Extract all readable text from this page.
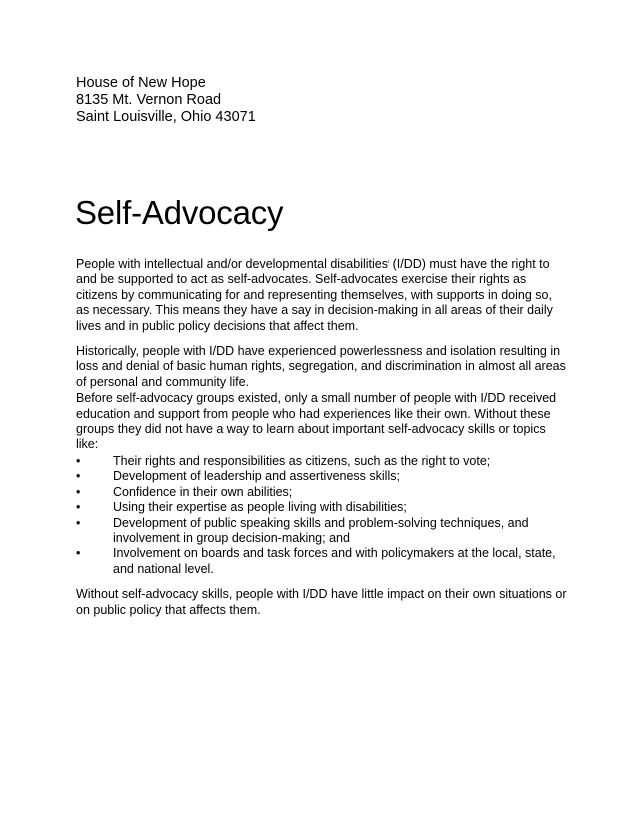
House of New Hope
8135 Mt. Vernon Road
Saint Louisville, Ohio 43071
Self-Advocacy

People with intellectual and/or developmental disabilities$^i$ (I/DD) must have the right to and be supported to act as self-advocates. Self-advocates exercise their rights as citizens by communicating for and representing themselves, with supports in doing so, as necessary. This means they have a say in decision-making in all areas of their daily lives and in public policy decisions that affect them.

Historically, people with I/DD have experienced powerlessness and isolation resulting in loss and denial of basic human rights, segregation, and discrimination in almost all areas of personal and community life.

Before self-advocacy groups existed, only a small number of people with I/DD received education and support from people who had experiences like their own. Without these groups they did not have a way to learn about important self-advocacy skills or topics like:

•	Their rights and responsibilities as citizens, such as the right to vote;
•	Development of leadership and assertiveness skills;
•	Confidence in their own abilities;
•	Using their expertise as people living with disabilities;
•	Development of public speaking skills and problem-solving techniques, and involvement in group decision-making; and
•	Involvement on boards and task forces and with policymakers at the local, state, and national level.

Without self-advocacy skills, people with I/DD have little impact on their own situations or on public policy that affects them.
